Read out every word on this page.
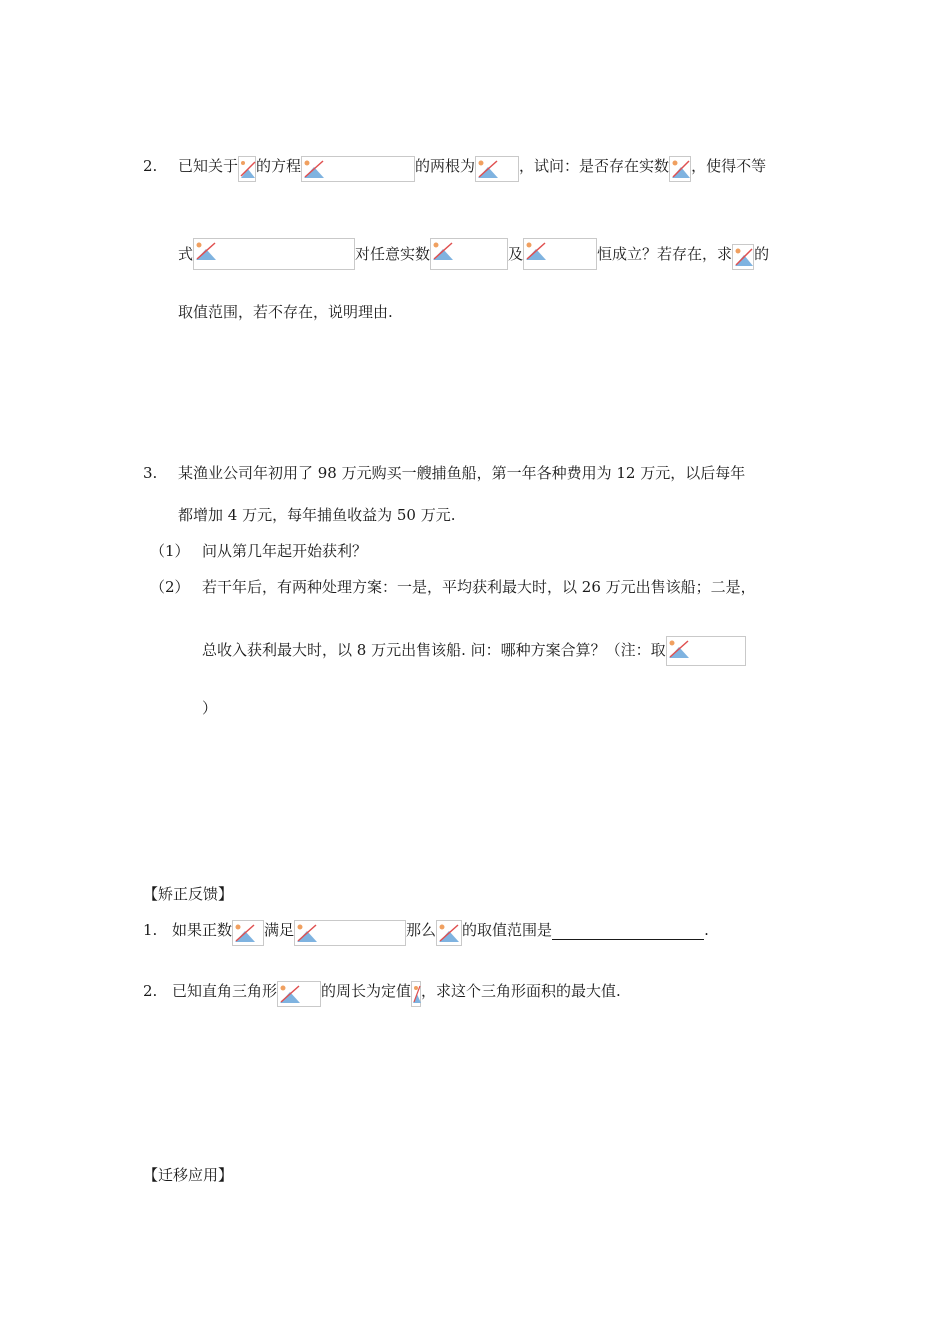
2. 已知关于 的方程	的两根为	，试问：是否存在实数 ，使得不等
式	对任意实数	及	恒成立？若存在，求 的
取值范围，若不存在，说明理由.
3. 某渔业公司年初用了 98 万元购买一艘捕鱼船，第一年各种费用为 12 万元，以后每年
都增加 4 万元，每年捕鱼收益为 50 万元.
（1） 问从第几年起开始获利？
（2） 若干年后，有两种处理方案：一是，平均获利最大时，以 26 万元出售该船；二是，
总收入获利最大时，以 8 万元出售该船. 问：哪种方案合算？（注：取
）
【矫正反馈】
1. 如果正数 满足	那么 的取值范围是	.
2. 已知直角三角形	的周长为定值 ，求这个三角形面积的最大值.
【迁移应用】
